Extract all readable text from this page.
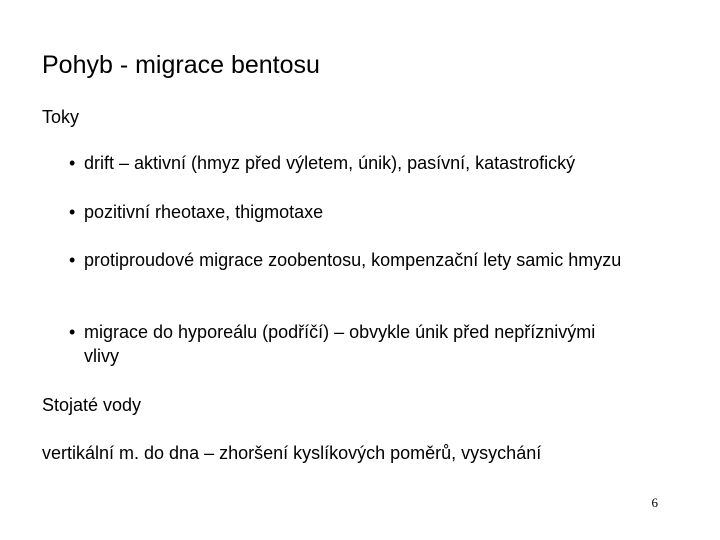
Pohyb - migrace bentosu
Toky
• drift – aktivní (hmyz před výletem, únik), pasívní, katastrofický
• pozitivní rheotaxe, thigmotaxe
• protiproudové migrace zoobentosu, kompenzační lety samic hmyzu
• migrace do hyporeálu (podříčí) – obvykle únik před nepříznivými vlivy
Stojaté vody
vertikální m. do dna – zhoršení kyslíkových poměrů, vysychání
6
